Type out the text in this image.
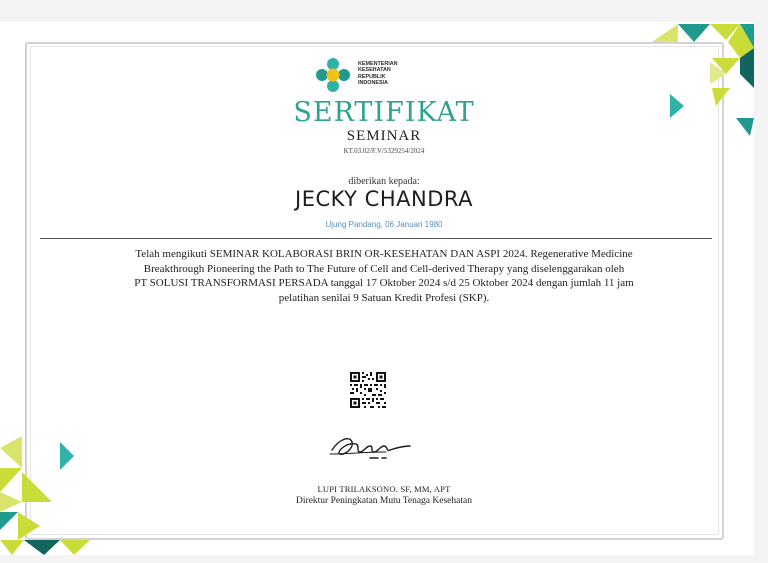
KEMENTERIAN
KESEHATAN
REPUBLIK
INDONESIA
SERTIFIKAT
SEMINAR
KT.03.02/F.V/5329254/2024
diberikan kepada:
JECKY CHANDRA
Ujung Pandang, 06 Januari 1980
Telah mengikuti SEMINAR KOLABORASI BRIN OR-KESEHATAN DAN ASPI 2024. Regenerative Medicine
Breakthrough Pioneering the Path to The Future of Cell and Cell-derived Therapy yang diselenggarakan oleh
PT SOLUSI TRANSFORMASI PERSADA tanggal 17 Oktober 2024 s/d 25 Oktober 2024 dengan jumlah 11 jam
pelatihan senilai 9 Satuan Kredit Profesi (SKP).
LUPI TRILAKSONO. SF, MM, APT
Direktur Peningkatan Mutu Tenaga Kesehatan
